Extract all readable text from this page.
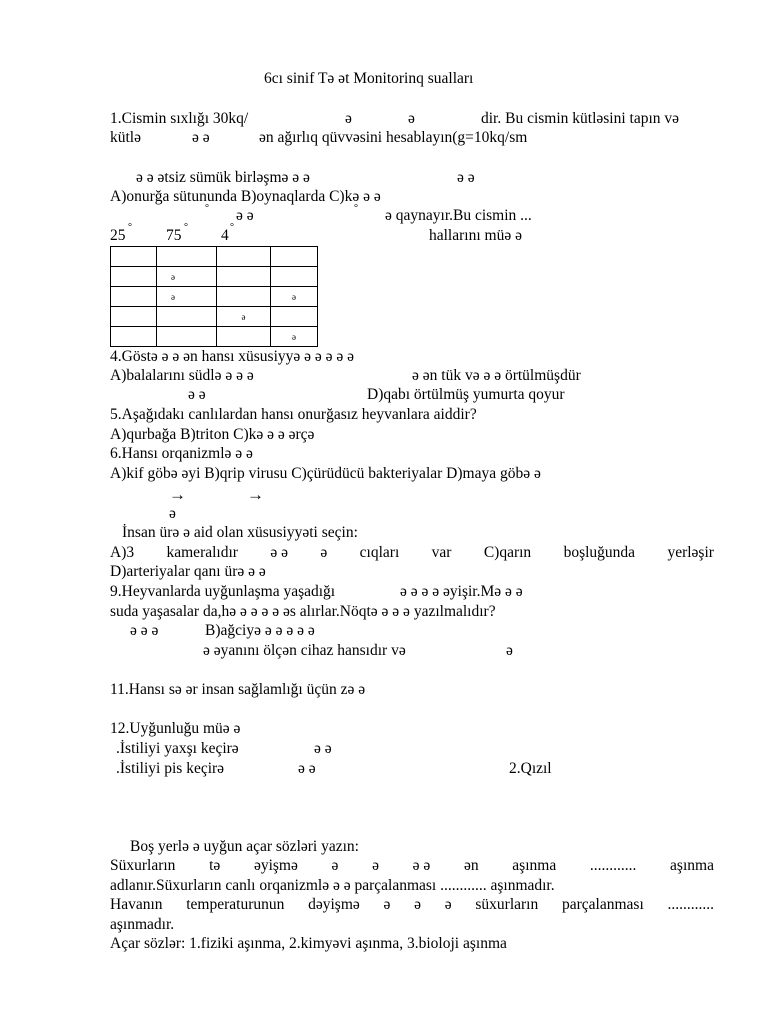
6cı sinif Tə ət Monitorinq sualları
1.Cismin sıxlığı 30kq/	ə	ə	dir. Bu cismin kütləsini tapın və
kütlə	ə ə	ən ağırlıq qüvvəsini hesablayın(g=10kq/sm
ə ə ətsiz sümük birləşmə ə ə	ə ə
A)onurğa sütununda B)oynaqlarda C)kə ə ə
° ə ə	° ə qaynayır.Bu cismin ...
25 ° 75 ° 4 °	hallarını müə ə

	ə		
	ə		ə
		ə	
			ə
4.Göstə ə ə ən hansı xüsusiyyə ə ə ə ə ə
A)balalarını südlə ə ə ə	ə ən tük və ə ə örtülmüşdür
ə ə	D)qabı örtülmüş yumurta qoyur
5.Aşağıdakı canlılardan hansı onurğasız heyvanlara aiddir?
A)qurbağa B)triton C)kə ə ə ərçə
6.Hansı orqanizmlə ə ə
A)kif göbə əyi B)qrip virusu C)çürüdücü bakteriyalar D)maya göbə ə
→	→
ə
İnsan ürə ə aid olan xüsusiyyəti seçin:
A)3 kameralıdır ə ə ə cıqları var C)qarın boşluğunda yerləşir
D)arteriyalar qanı ürə ə ə
9.Heyvanlarda uyğunlaşma yaşadığı	ə ə ə ə əyişir.Mə ə ə
suda yaşasalar da,hə ə ə ə ə əs alırlar.Nöqtə ə ə ə yazılmalıdır?
ə ə ə	B)ağciyə ə ə ə ə ə
ə əyanını ölçən cihaz hansıdır və	ə
11.Hansı sə ər insan sağlamlığı üçün zə ə
12.Uyğunluğu müə ə
.İstiliyi yaxşı keçirə	ə ə
.İstiliyi pis keçirə	ə ə	2.Qızıl
Boş yerlə ə uyğun açar sözləri yazın:
Süxurların tə əyişmə ə ə ə ə ən aşınma ............ aşınma
adlanır.Süxurların canlı orqanizmlə ə ə parçalanması ............ aşınmadır.
Havanın temperaturunun dəyişmə ə ə ə süxurların parçalanması ............
aşınmadır.
Açar sözlər: 1.fiziki aşınma, 2.kimyəvi aşınma, 3.bioloji aşınma
